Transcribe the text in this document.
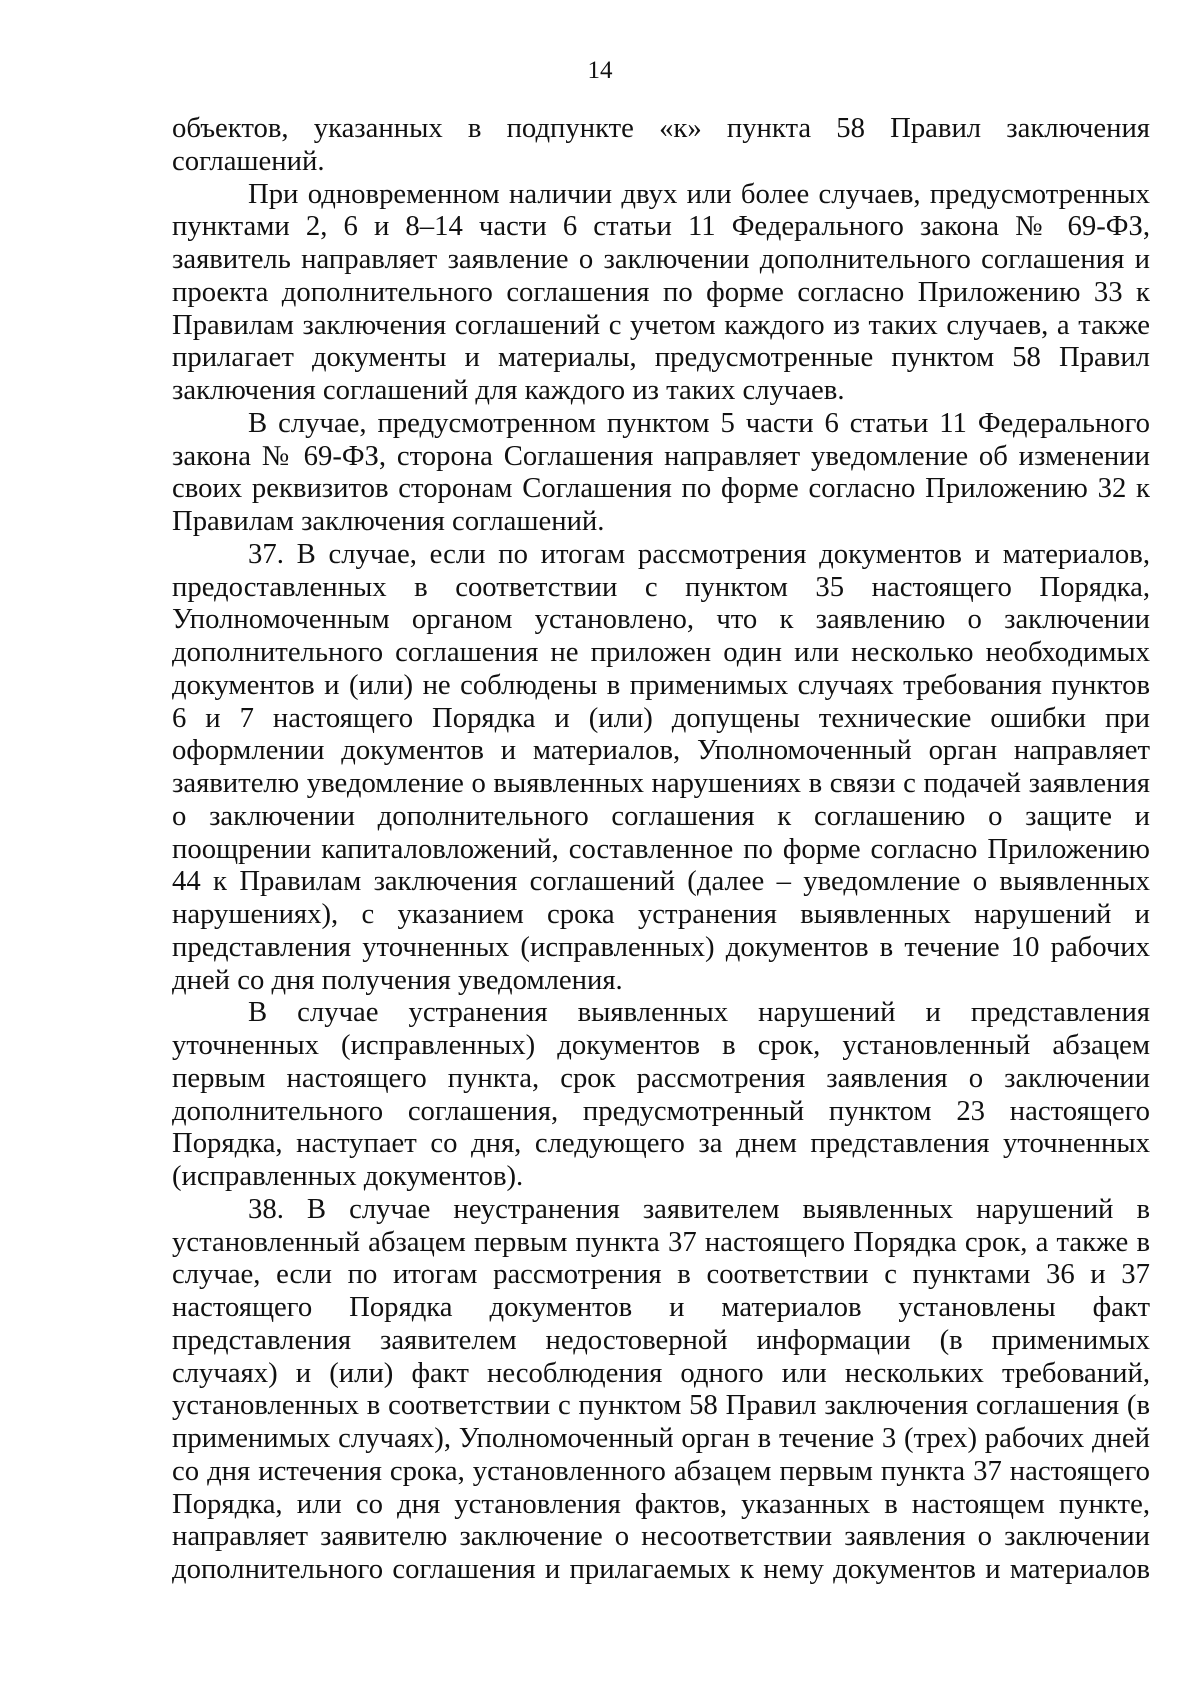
14

объектов, указанных в подпункте «к» пункта 58 Правил заключения соглашений.

При одновременном наличии двух или более случаев, предусмотренных пунктами 2, 6 и 8–14 части 6 статьи 11 Федерального закона № 69-ФЗ, заявитель направляет заявление о заключении дополнительного соглашения и проекта дополнительного соглашения по форме согласно Приложению 33 к Правилам заключения соглашений с учетом каждого из таких случаев, а также прилагает документы и материалы, предусмотренные пунктом 58 Правил заключения соглашений для каждого из таких случаев.

В случае, предусмотренном пунктом 5 части 6 статьи 11 Федерального закона № 69-ФЗ, сторона Соглашения направляет уведомление об изменении своих реквизитов сторонам Соглашения по форме согласно Приложению 32 к Правилам заключения соглашений.

37. В случае, если по итогам рассмотрения документов и материалов, предоставленных в соответствии с пунктом 35 настоящего Порядка, Уполномоченным органом установлено, что к заявлению о заключении дополнительного соглашения не приложен один или несколько необходимых документов и (или) не соблюдены в применимых случаях требования пунктов 6 и 7 настоящего Порядка и (или) допущены технические ошибки при оформлении документов и материалов, Уполномоченный орган направляет заявителю уведомление о выявленных нарушениях в связи с подачей заявления о заключении дополнительного соглашения к соглашению о защите и поощрении капиталовложений, составленное по форме согласно Приложению 44 к Правилам заключения соглашений (далее – уведомление о выявленных нарушениях), с указанием срока устранения выявленных нарушений и представления уточненных (исправленных) документов в течение 10 рабочих дней со дня получения уведомления.

В случае устранения выявленных нарушений и представления уточненных (исправленных) документов в срок, установленный абзацем первым настоящего пункта, срок рассмотрения заявления о заключении дополнительного соглашения, предусмотренный пунктом 23 настоящего Порядка, наступает со дня, следующего за днем представления уточненных (исправленных документов).

38. В случае неустранения заявителем выявленных нарушений в установленный абзацем первым пункта 37 настоящего Порядка срок, а также в случае, если по итогам рассмотрения в соответствии с пунктами 36 и 37 настоящего Порядка документов и материалов установлены факт представления заявителем недостоверной информации (в применимых случаях) и (или) факт несоблюдения одного или нескольких требований, установленных в соответствии с пунктом 58 Правил заключения соглашения (в применимых случаях), Уполномоченный орган в течение 3 (трех) рабочих дней со дня истечения срока, установленного абзацем первым пункта 37 настоящего Порядка, или со дня установления фактов, указанных в настоящем пункте, направляет заявителю заключение о несоответствии заявления о заключении дополнительного соглашения и прилагаемых к нему документов и материалов
